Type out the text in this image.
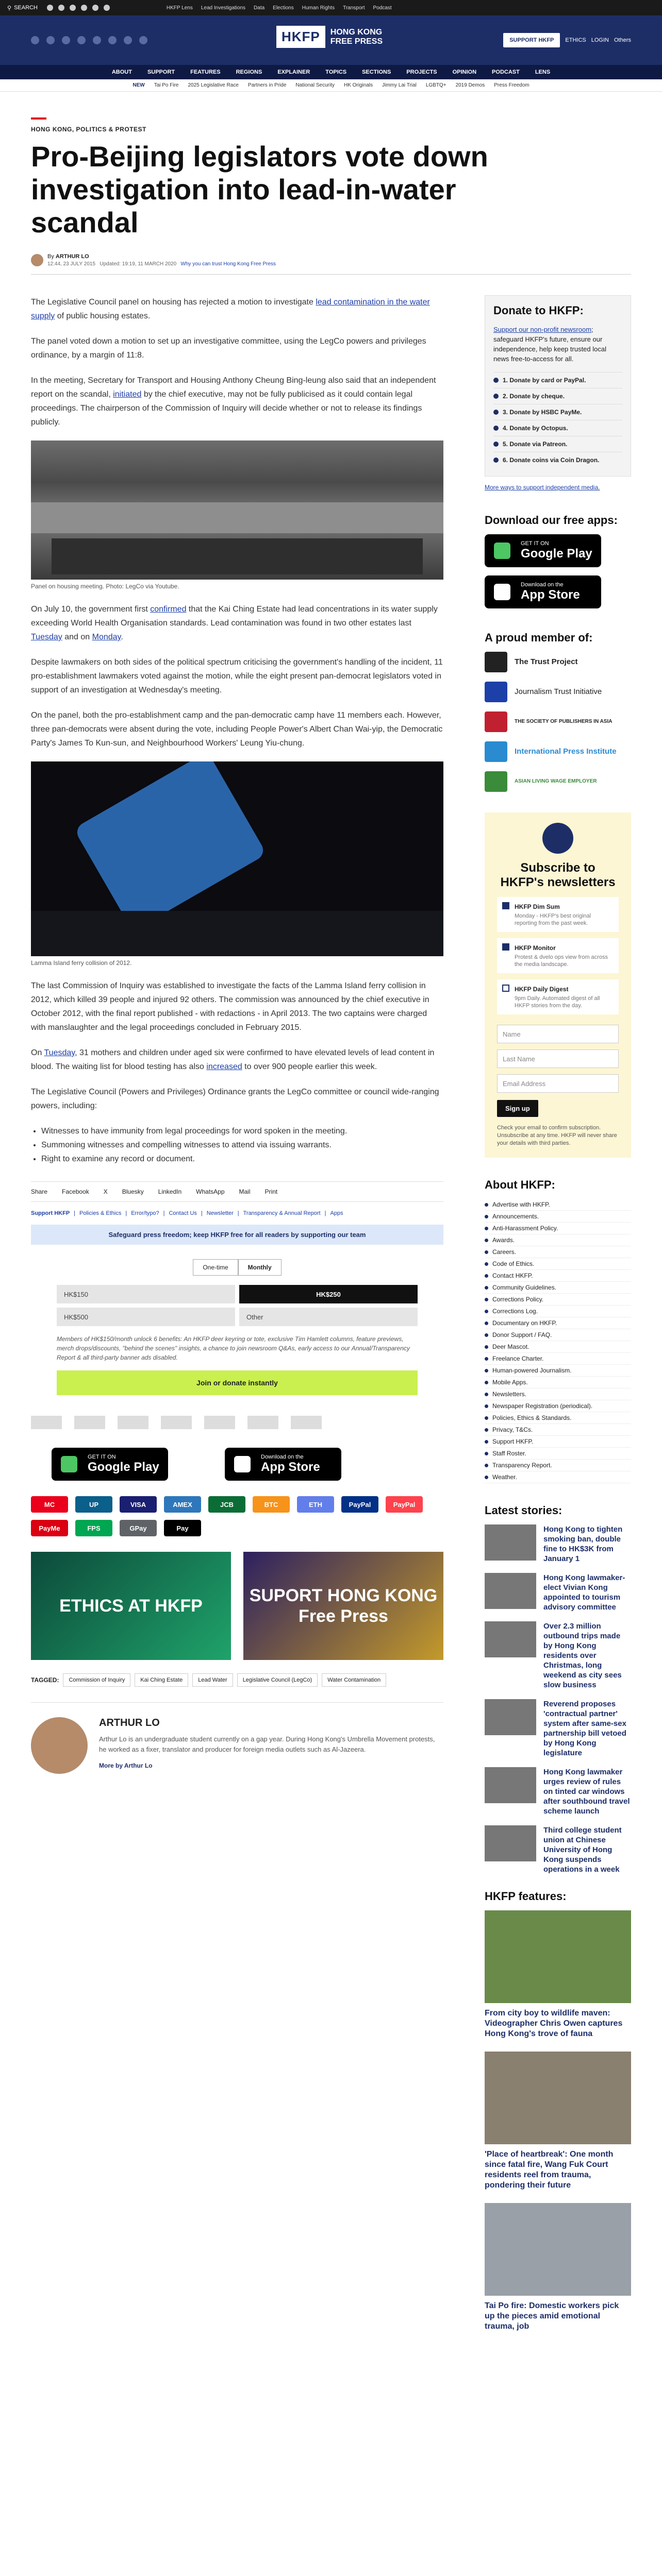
⚲ SEARCH	HKFP Lens Lead Investigations Data Elections Human Rights Transport Podcast
HKFP	HONG KONG
FREE PRESS	SUPPORT HKFP	ETHICS LOGIN Others
ABOUT	SUPPORT	FEATURES	REGIONS	EXPLAINER	TOPICS	SECTIONS	PROJECTS	OPINION	PODCAST	LENS
NEW Tai Po Fire 2025 Legislative Race Partners in Pride National Security HK Originals Jimmy Lai Trial LGBTQ+ 2019 Demos Press Freedom
HONG KONG, POLITICS & PROTEST
Pro-Beijing legislators vote down investigation into lead-in-water scandal
By ARTHUR LO
12:44, 23 JULY 2015 Updated: 19:19, 11 MARCH 2020 Why you can trust Hong Kong Free Press

The Legislative Council panel on housing has rejected a motion to investigate lead contamination in the water supply of public housing estates.

The panel voted down a motion to set up an investigative committee, using the LegCo powers and privileges ordinance, by a margin of 11:8.

In the meeting, Secretary for Transport and Housing Anthony Cheung Bing-leung also said that an independent report on the scandal, initiated by the chief executive, may not be fully publicised as it could contain legal proceedings. The chairperson of the Commission of Inquiry will decide whether or not to release its findings publicly.

Panel on housing meeting. Photo: LegCo via Youtube.

On July 10, the government first confirmed that the Kai Ching Estate had lead concentrations in its water supply exceeding World Health Organisation standards. Lead contamination was found in two other estates last Tuesday and on Monday.

Despite lawmakers on both sides of the political spectrum criticising the government's handling of the incident, 11 pro-establishment lawmakers voted against the motion, while the eight present pan-democrat legislators voted in support of an investigation at Wednesday's meeting.

On the panel, both the pro-establishment camp and the pan-democratic camp have 11 members each. However, three pan-democrats were absent during the vote, including People Power's Albert Chan Wai-yip, the Democratic Party's James To Kun-sun, and Neighbourhood Workers' Leung Yiu-chung.

Lamma Island ferry collision of 2012.

The last Commission of Inquiry was established to investigate the facts of the Lamma Island ferry collision in 2012, which killed 39 people and injured 92 others. The commission was announced by the chief executive in October 2012, with the final report published - with redactions - in April 2013. The two captains were charged with manslaughter and the legal proceedings concluded in February 2015.

On Tuesday, 31 mothers and children under aged six were confirmed to have elevated levels of lead content in blood. The waiting list for blood testing has also increased to over 900 people earlier this week.

The Legislative Council (Powers and Privileges) Ordinance grants the LegCo committee or council wide-ranging powers, including:

• Witnesses to have immunity from legal proceedings for word spoken in the meeting.
• Summoning witnesses and compelling witnesses to attend via issuing warrants.
• Right to examine any record or document.
Share Facebook X Bluesky LinkedIn WhatsApp Mail Print
Support HKFP | Policies & Ethics | Error/typo? | Contact Us | Newsletter | Transparency & Annual Report | Apps
Safeguard press freedom; keep HKFP free for all readers by supporting our team
One-time	Monthly
HK$150	HK$250
HK$500	Other
Members of HK$150/month unlock 6 benefits: An HKFP deer keyring or tote, exclusive Tim Hamlett columns, feature previews, merch drops/discounts, "behind the scenes" insights, a chance to join newsroom Q&As, early access to our Annual/Transparency Report & all third-party banner ads disabled.
Join or donate instantly
GET IT ON
Google Play
Download on the
App Store
MC	UP	VISA	AMEX	JCB	BTC	ETH	PayPal	PayPal
PayMe	FPS	GPay	Pay
ETHICS AT HKFP
SUPORT HONG KONG Free Press
TAGGED:	Commission of Inquiry	Kai Ching Estate	Lead Water	Legislative Council (LegCo)	Water Contamination
ARTHUR LO

Arthur Lo is an undergraduate student currently on a gap year. During Hong Kong's Umbrella Movement protests, he worked as a fixer, translator and producer for foreign media outlets such as Al-Jazeera.

More by Arthur Lo
Donate to HKFP:

Support our non-profit newsroom; safeguard HKFP's future, ensure our independence, help keep trusted local news free-to-access for all.

1. Donate by card or PayPal.
2. Donate by cheque.
3. Donate by HSBC PayMe.
4. Donate by Octopus.
5. Donate via Patreon.
6. Donate coins via Coin Dragon.

More ways to support independent media.

Download our free apps:
GET IT ON
Google Play
Download on the
App Store
A proud member of:
The Trust Project
Journalism Trust Initiative
THE SOCIETY OF PUBLISHERS IN ASIA
International Press Institute
ASIAN LIVING WAGE EMPLOYER
Subscribe to HKFP's newsletters
HKFP Dim Sum

Monday - HKFP's best original reporting from the past week.

HKFP Monitor

Protest & dvelo ops view from across the media landscape.

HKFP Daily Digest

9pm Daily. Automated digest of all HKFP stories from the day.

Name
Last Name
Email Address
Sign up

Check your email to confirm subscription. Unsubscribe at any time. HKFP will never share your details with third parties.

About HKFP:
Advertise with HKFP.
Announcements.
Anti-Harassment Policy.
Awards.
Careers.
Code of Ethics.
Contact HKFP.
Community Guidelines.
Corrections Policy.
Corrections Log.
Documentary on HKFP.
Donor Support / FAQ.
Deer Mascot.
Freelance Charter.
Human-powered Journalism.
Mobile Apps.
Newsletters.
Newspaper Registration (periodical).
Policies, Ethics & Standards.
Privacy, T&Cs.
Support HKFP.
Staff Roster.
Transparency Report.
Weather.
Latest stories:
Hong Kong to tighten smoking ban, double fine to HK$3K from January 1
Hong Kong lawmaker-elect Vivian Kong appointed to tourism advisory committee
Over 2.3 million outbound trips made by Hong Kong residents over Christmas, long weekend as city sees slow business
Reverend proposes 'contractual partner' system after same-sex partnership bill vetoed by Hong Kong legislature
Hong Kong lawmaker urges review of rules on tinted car windows after southbound travel scheme launch
Third college student union at Chinese University of Hong Kong suspends operations in a week
HKFP features:
From city boy to wildlife maven: Videographer Chris Owen captures Hong Kong's trove of fauna
'Place of heartbreak': One month since fatal fire, Wang Fuk Court residents reel from trauma, pondering their future
Tai Po fire: Domestic workers pick up the pieces amid emotional trauma, job
